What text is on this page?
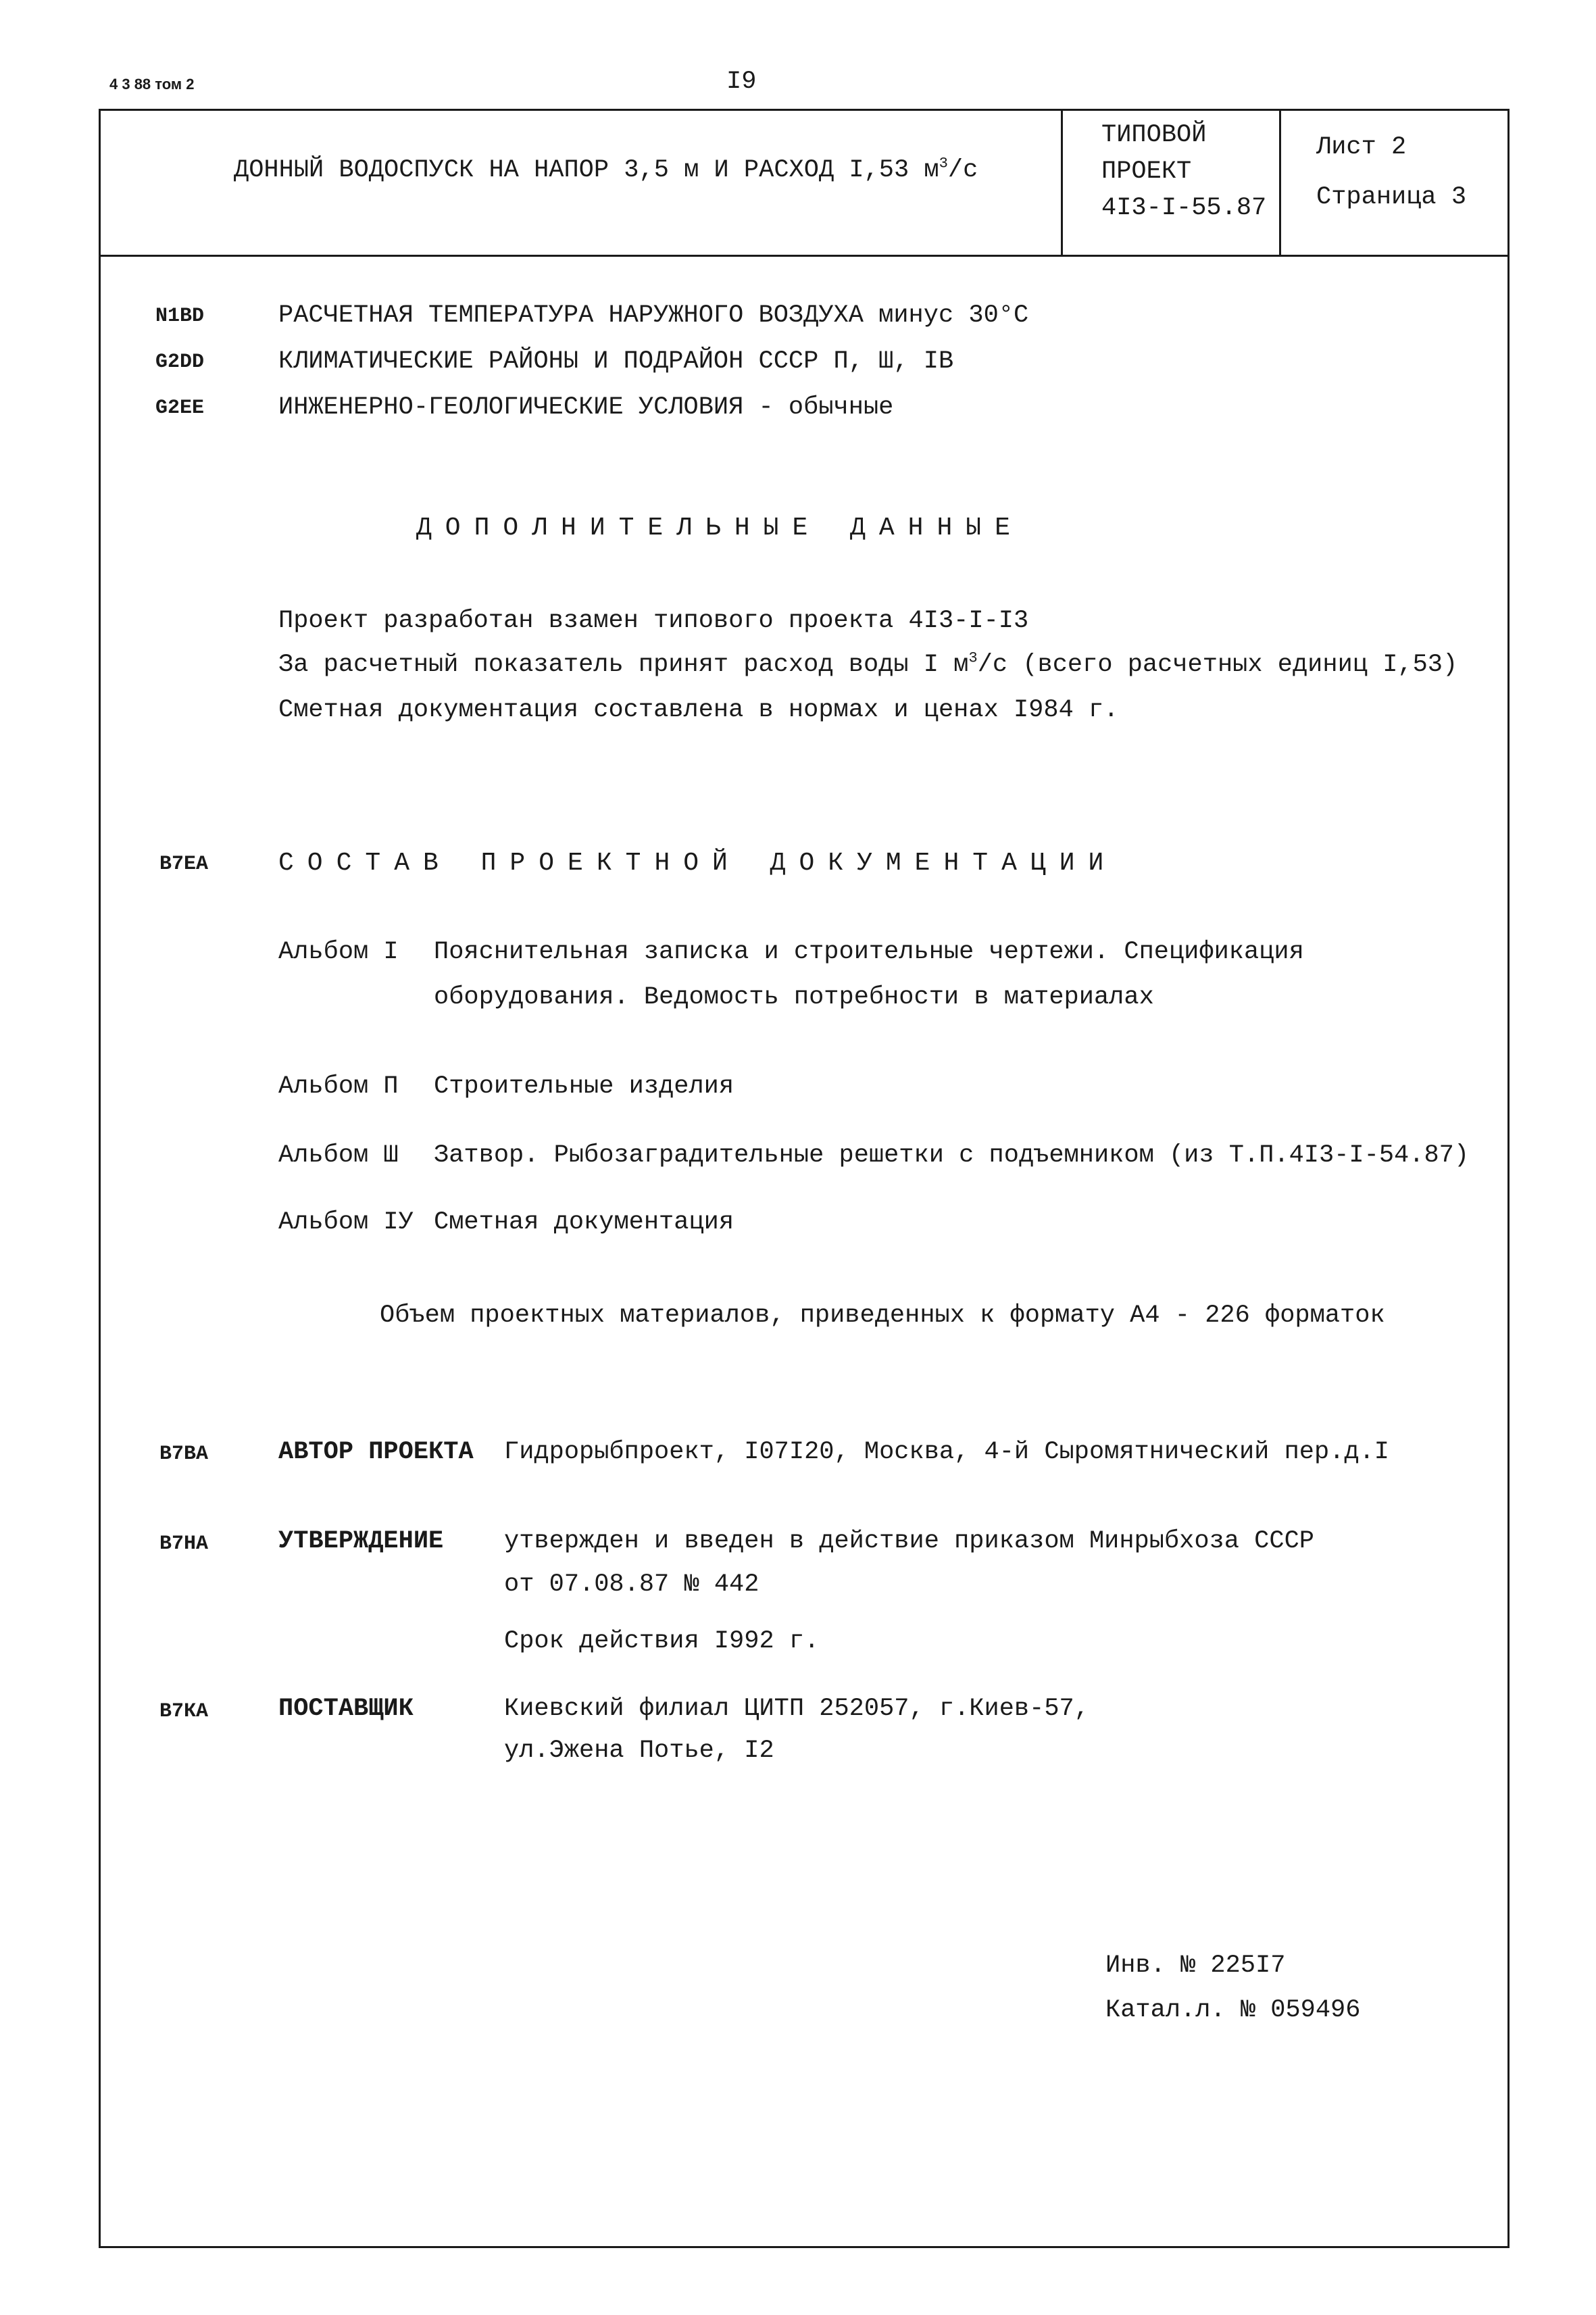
4 3 88 том 2	I9
ДОННЫЙ ВОДОСПУСК НА НАПОР 3,5 м И РАСХОД I,53 $м^3/с$
ТИПОВОЙ
ПРОЕКТ
4I3-I-55.87
Лист 2
Страница 3
N1BD	РАСЧЕТНАЯ ТЕМПЕРАТУРА НАРУЖНОГО ВОЗДУХА минус 30°С
G2DD	КЛИМАТИЧЕСКИЕ РАЙОНЫ И ПОДРАЙОН СССР П, Ш, IВ
G2EE	ИНЖЕНЕРНО-ГЕОЛОГИЧЕСКИЕ УСЛОВИЯ - обычные
ДОПОЛНИТЕЛЬНЫЕ ДАННЫЕ
Проект разработан взамен типового проекта 4I3-I-I3
За расчетный показатель принят расход воды I $м^3/с$ (всего расчетных единиц I,53)
Сметная документация составлена в нормах и ценах I984 г.
В7ЕА	СОСТАВ ПРОЕКТНОЙ ДОКУМЕНТАЦИИ
Альбом I Пояснительная записка и строительные чертежи. Спецификация
оборудования. Ведомость потребности в материалах
Альбом П Строительные изделия
Альбом Ш Затвор. Рыбозаградительные решетки с подъемником (из Т.П.4I3-I-54.87)
Альбом IУ Сметная документация
Объем проектных материалов, приведенных к формату А4 - 226 форматок
В7ВА	АВТОР ПРОЕКТА Гидрорыбпроект, I07I20, Москва, 4-й Сыромятнический пер.д.I
В7НА	УТВЕРЖДЕНИЕ утвержден и введен в действие приказом Минрыбхоза СССР
от 07.08.87 № 442
Срок действия I992 г.
В7КА	ПОСТАВЩИК	Киевский филиал ЦИТП 252057, г.Киев-57,
ул.Эжена Потье, I2
Инв. № 225I7
Катал.л. № 059496
